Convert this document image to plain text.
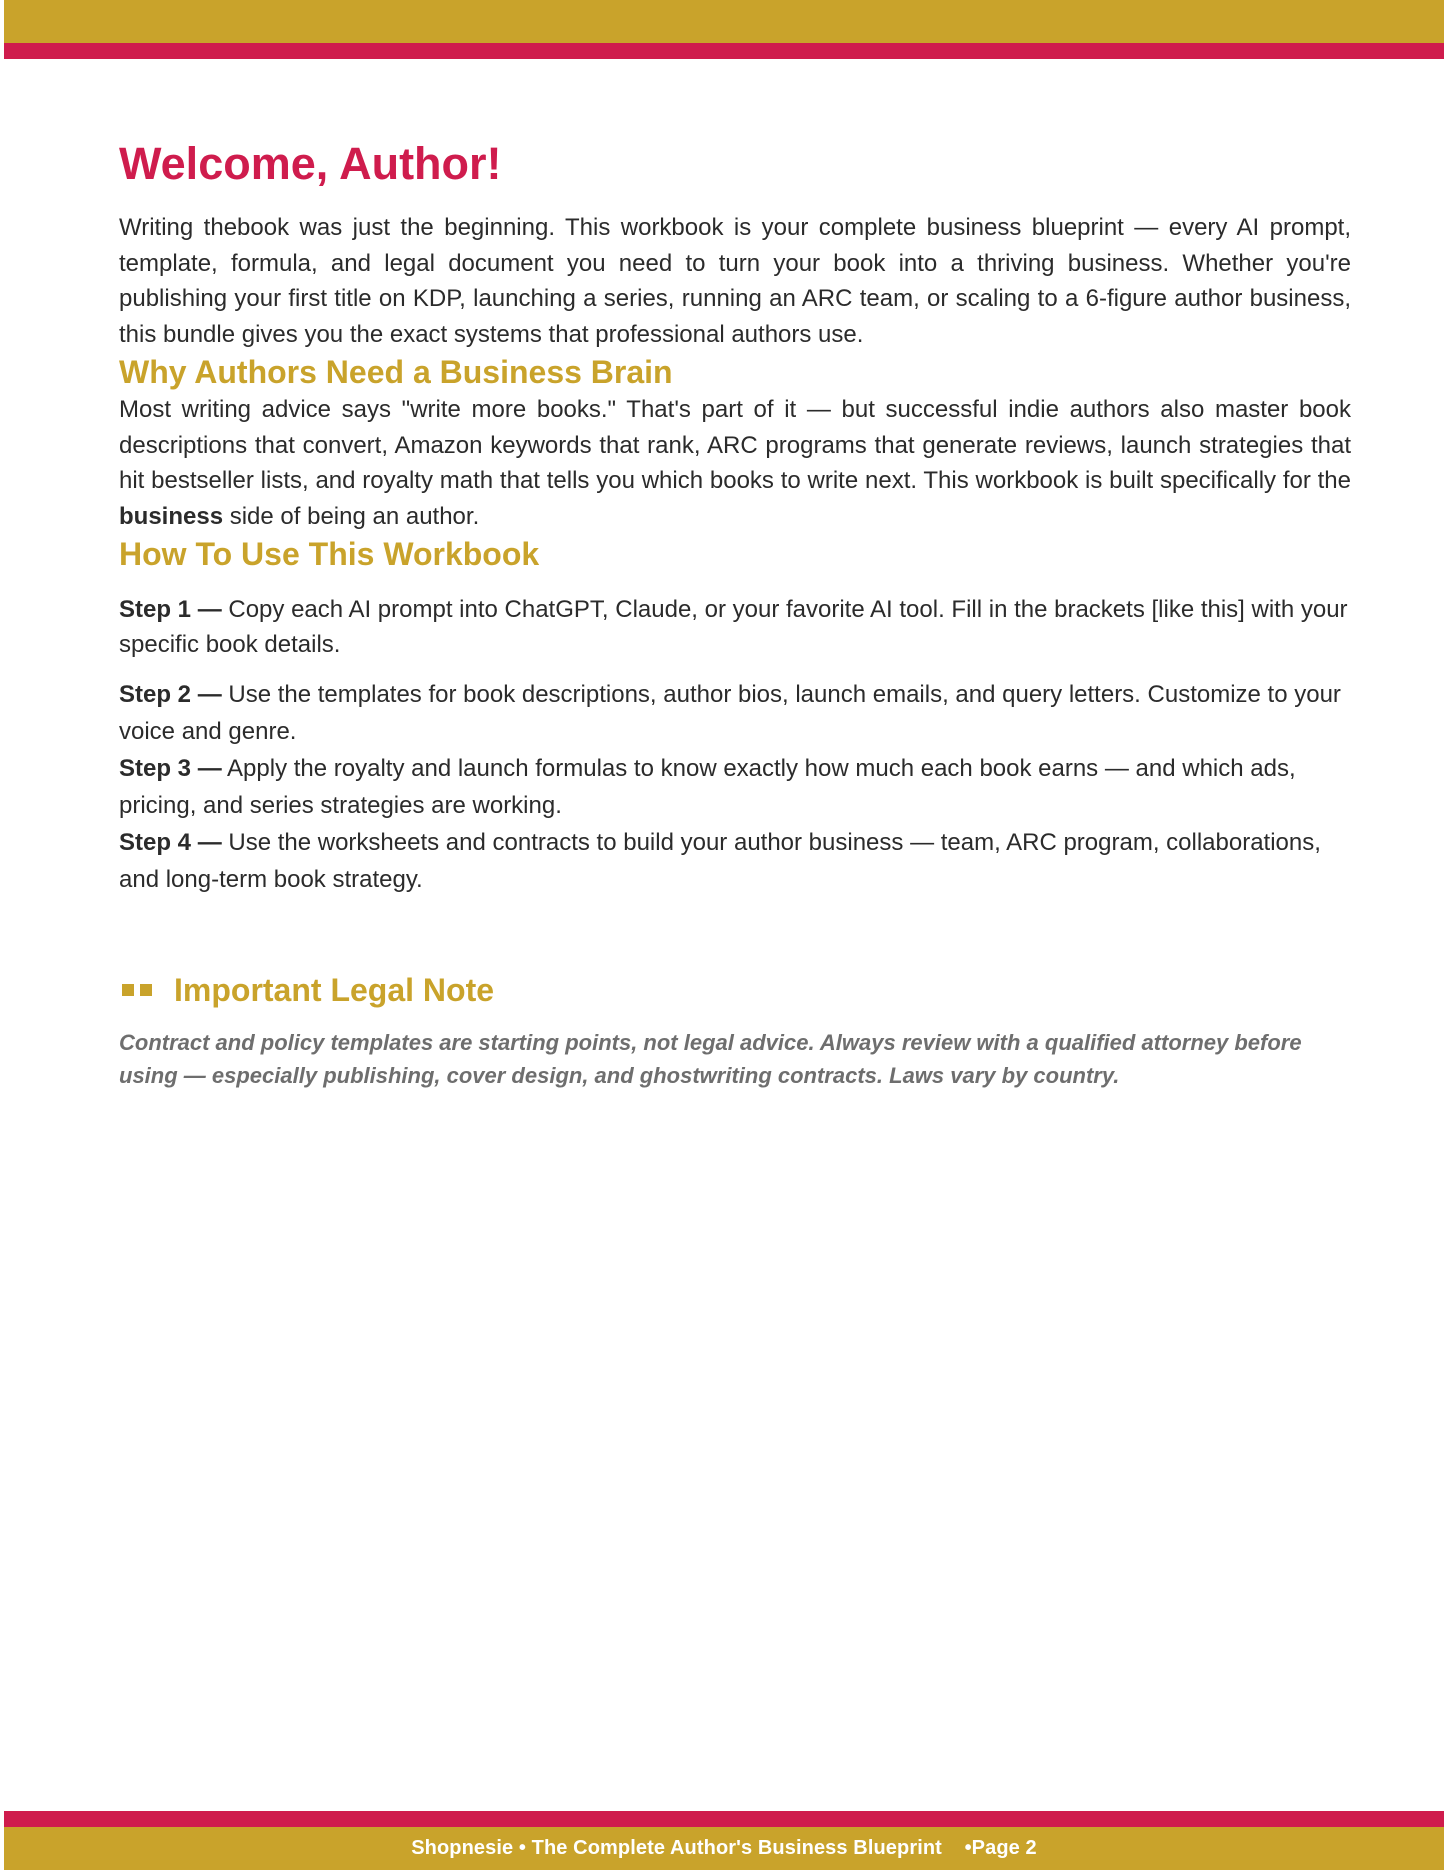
Welcome, Author!

Writing thebook was just the beginning. This workbook is your complete business blueprint — every AI prompt, template, formula, and legal document you need to turn your book into a thriving business. Whether you're publishing your first title on KDP, launching a series, running an ARC team, or scaling to a 6-figure author business, this bundle gives you the exact systems that professional authors use.

Why Authors Need a Business Brain

Most writing advice says "write more books." That's part of it — but successful indie authors also master book descriptions that convert, Amazon keywords that rank, ARC programs that generate reviews, launch strategies that hit bestseller lists, and royalty math that tells you which books to write next. This workbook is built specifically for the business side of being an author.

How To Use This Workbook

Step 1 — Copy each AI prompt into ChatGPT, Claude, or your favorite AI tool. Fill in the brackets [like this] with your specific book details.

Step 2 — Use the templates for book descriptions, author bios, launch emails, and query letters. Customize to your voice and genre.

Step 3 — Apply the royalty and launch formulas to know exactly how much each book earns — and which ads, pricing, and series strategies are working.

Step 4 — Use the worksheets and contracts to build your author business — team, ARC program, collaborations, and long-term book strategy.

Important Legal Note

Contract and policy templates are starting points, not legal advice. Always review with a qualified attorney before using — especially publishing, cover design, and ghostwriting contracts. Laws vary by country.

Shopnesie • The Complete Author's Business Blueprint    •Page 2
